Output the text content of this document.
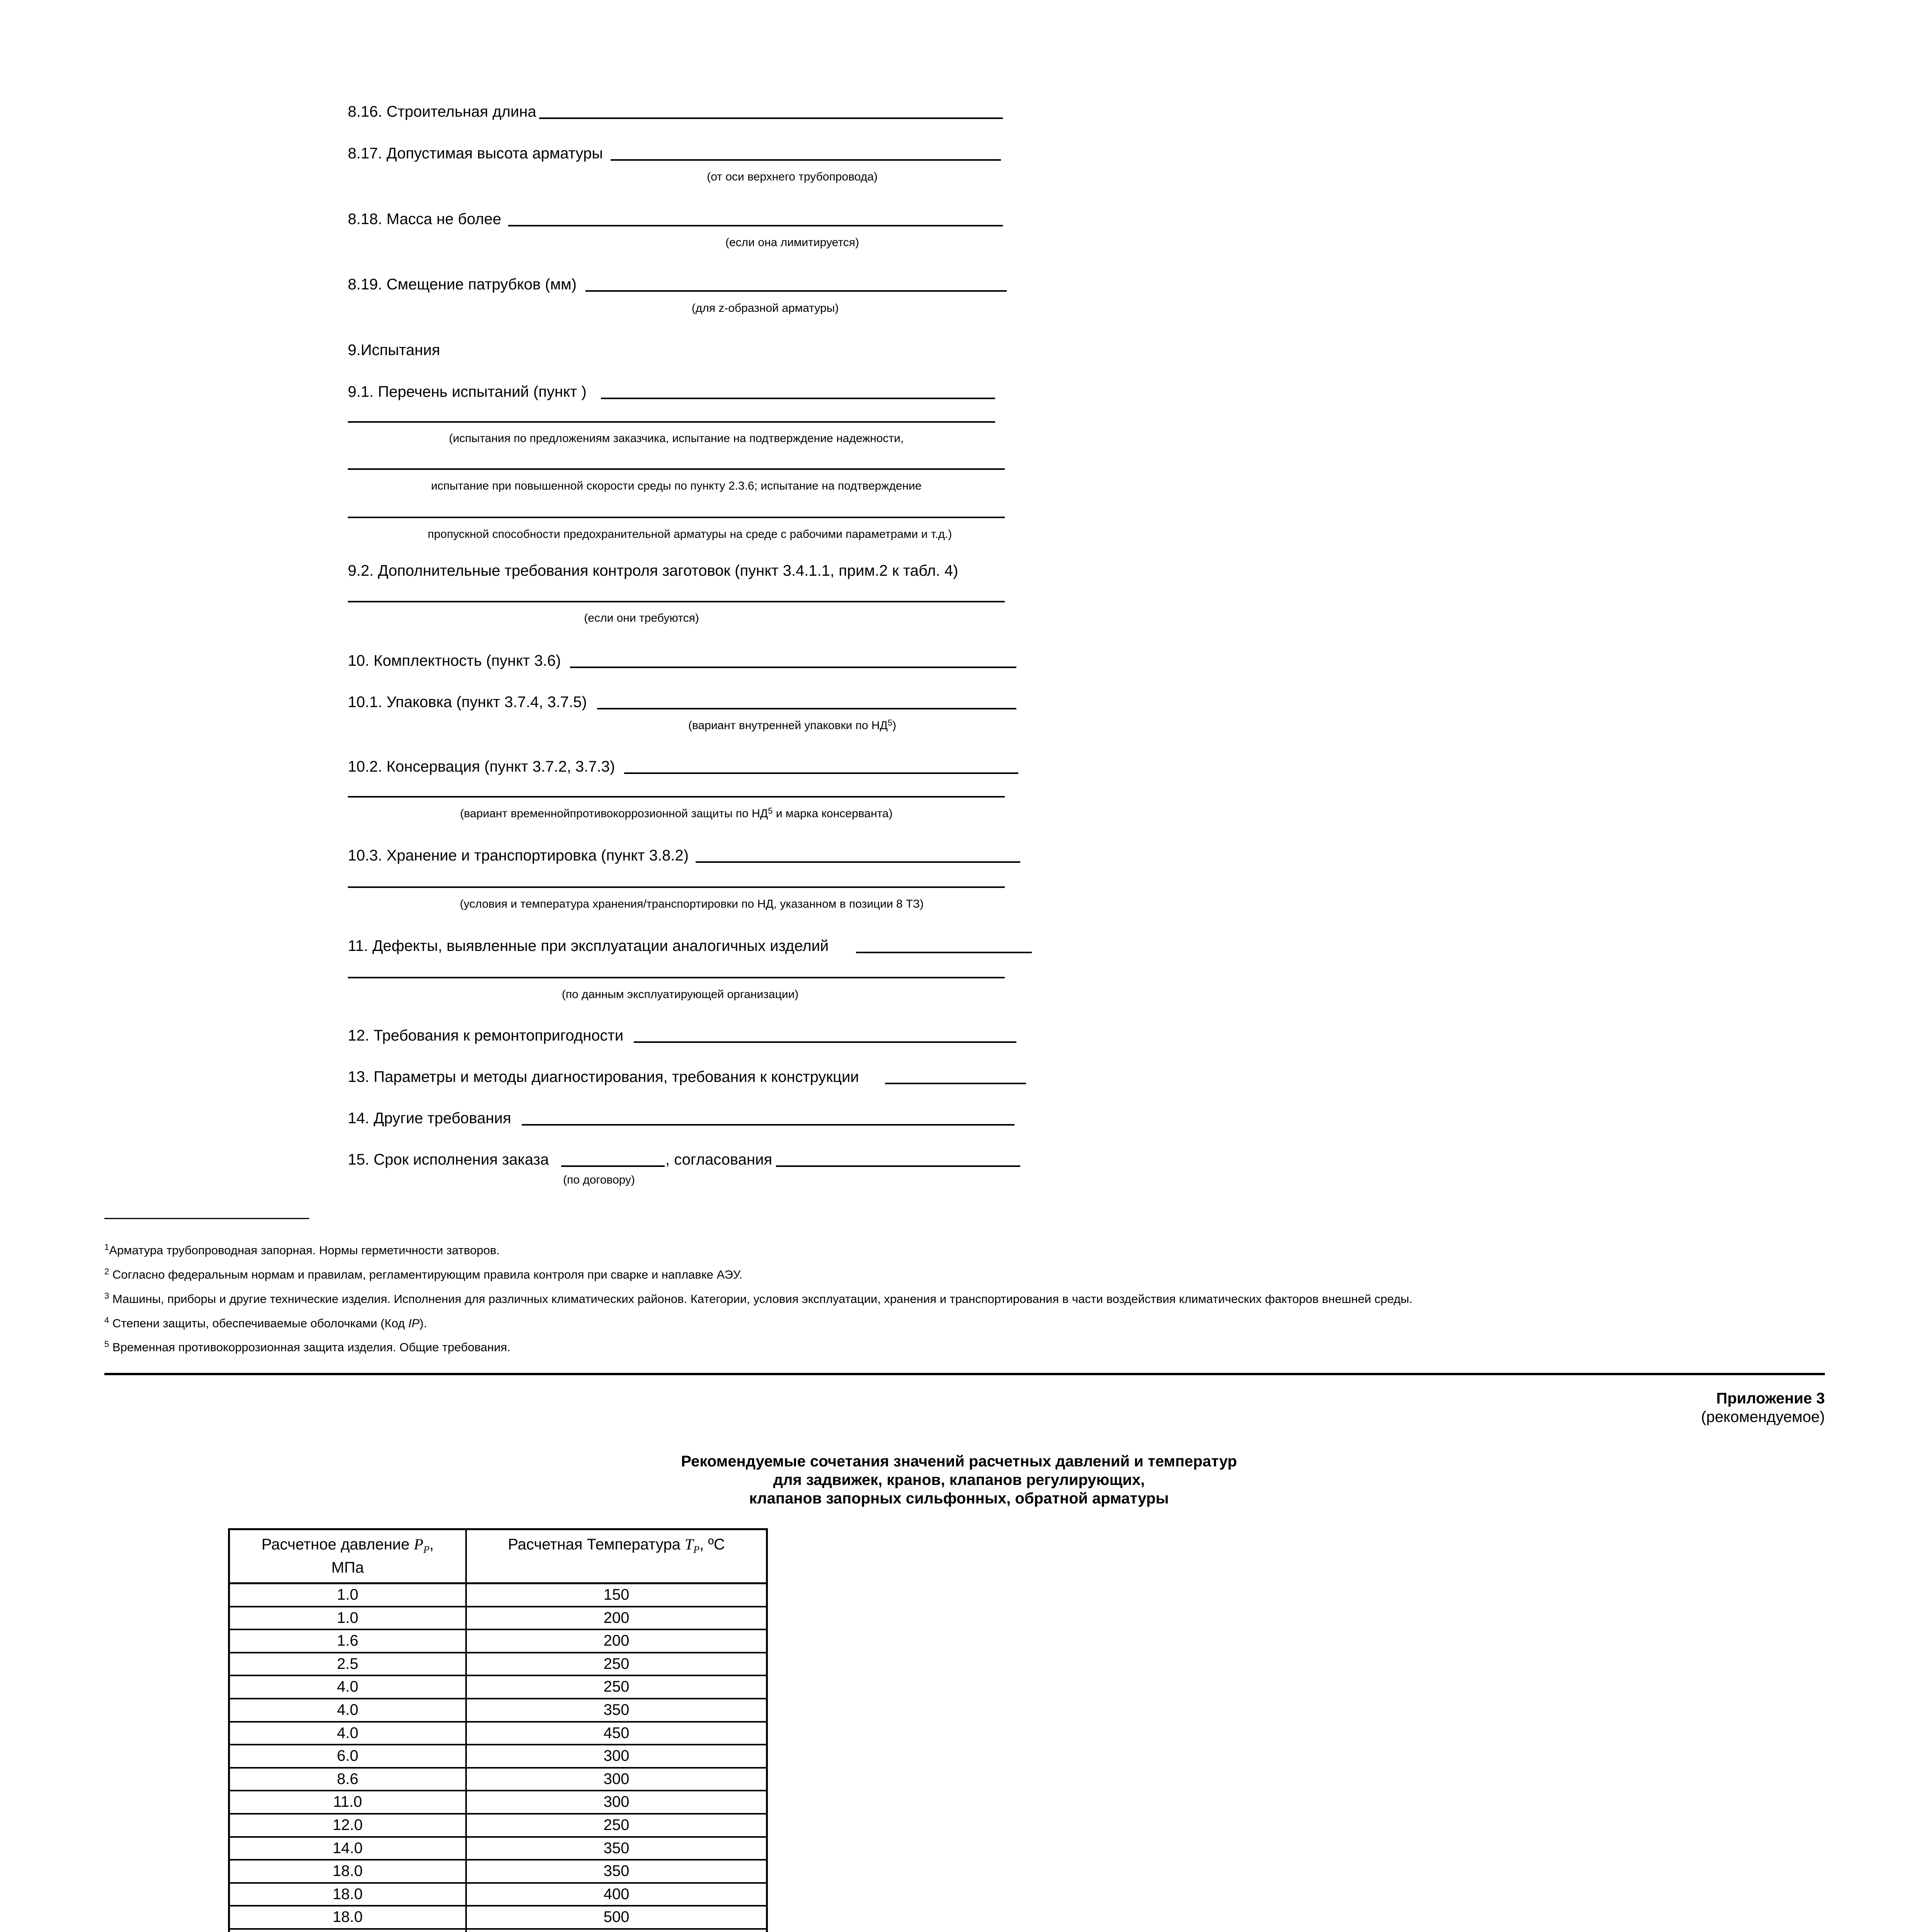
8.16. Строительная длина
8.17. Допустимая высота арматуры
(от оси верхнего трубопровода)
8.18. Масса не более
(если она лимитируется)
8.19. Смещение патрубков (мм)
(для z-образной арматуры)
9.Испытания
9.1. Перечень испытаний (пункт )
(испытания по предложениям заказчика, испытание на подтверждение надежности,
испытание при повышенной скорости среды по пункту 2.3.6; испытание на подтверждение
пропускной способности предохранительной арматуры на среде с рабочими параметрами и т.д.)
9.2. Дополнительные требования контроля заготовок (пункт 3.4.1.1, прим.2 к табл. 4)
(если они требуются)
10. Комплектность (пункт 3.6)
10.1. Упаковка (пункт 3.7.4, 3.7.5)
(вариант внутренней упаковки по $НД^5$)
10.2. Консервация (пункт 3.7.2, 3.7.3)
(вариант временнойпротивокоррозионной защиты по $НД^5$ и марка консерванта)
10.3. Хранение и транспортировка (пункт 3.8.2)
(условия и температура хранения/транспортировки по НД, указанном в позиции 8 ТЗ)
11. Дефекты, выявленные при эксплуатации аналогичных изделий
(по данным эксплуатирующей организации)
12. Требования к ремонтопригодности
13. Параметры и методы диагностирования, требования к конструкции
14. Другие требования
15. Срок исполнения заказа	, согласования
(по договору)
$^1$Арматура трубопроводная запорная. Нормы герметичности затворов.
$^2$ Согласно федеральным нормам и правилам, регламентирующим правила контроля при сварке и наплавке АЭУ.
$^3$ Машины, приборы и другие технические изделия. Исполнения для различных климатических районов. Категории, условия эксплуатации, хранения и транспортирования в части воздействия климатических факторов внешней среды.
$^4$ Степени защиты, обеспечиваемые оболочками (Код IP).
$^5$ Временная противокоррозионная защита изделия. Общие требования.
Приложение 3
(рекомендуемое)
Рекомендуемые сочетания значений расчетных давлений и температур
для задвижек, кранов, клапанов регулирующих,
клапанов запорных сильфонных, обратной арматуры
Расчетное давление $P_P$,
МПа
Расчетная Температура $T_P$, ºС
1.0	150
1.0	200
1.6	200
2.5	250
4.0	250
4.0	350
4.0	450
6.0	300
8.6	300
11.0	300
12.0	250
14.0	350
18.0	350
18.0	400
18.0	500
